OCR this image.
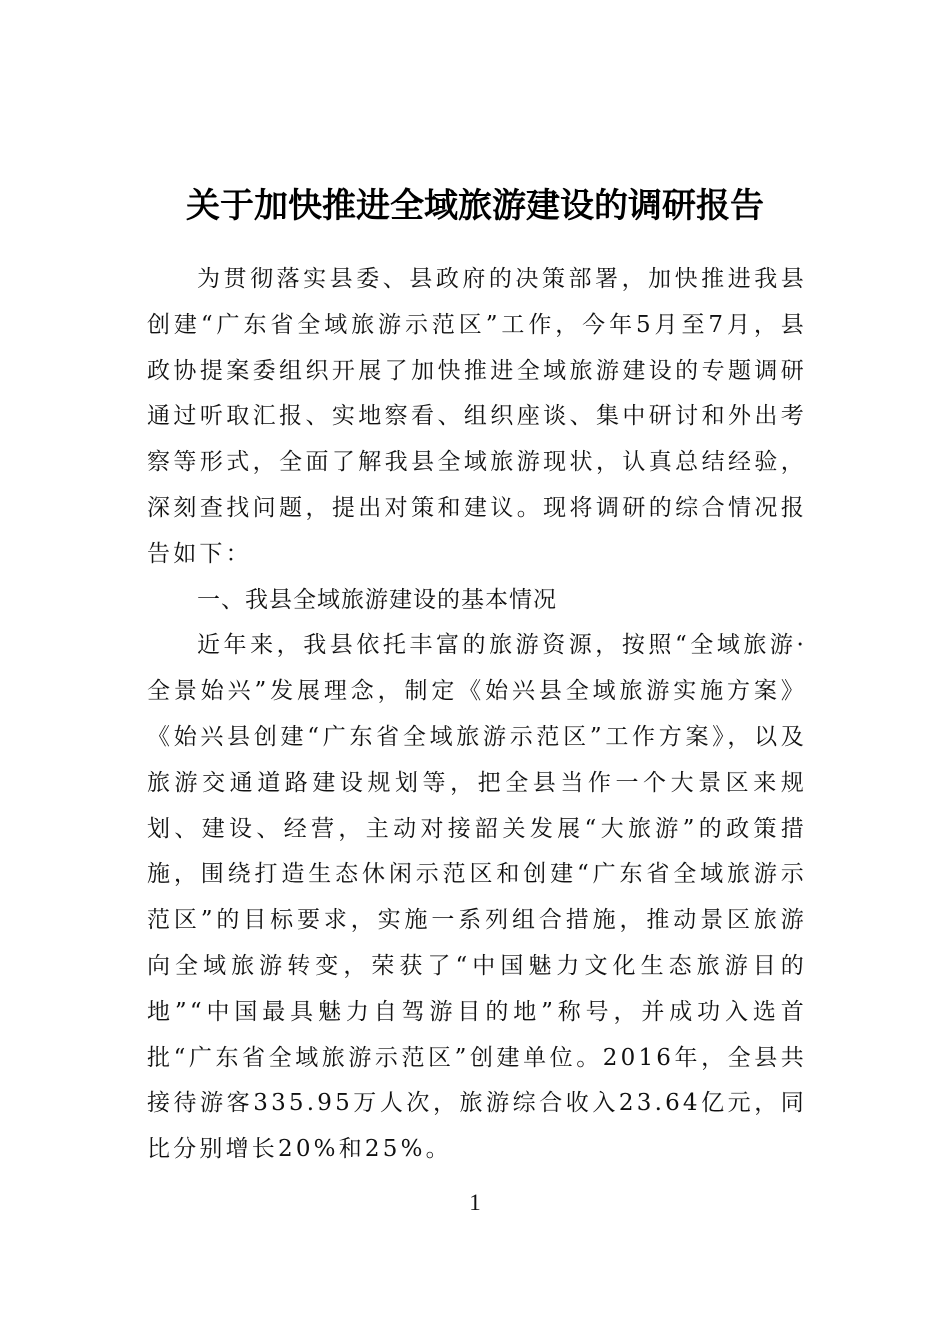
关于加快推进全域旅游建设的调研报告

为贯彻落实县委、县政府的决策部署，加快推进我县创建“广东省全域旅游示范区”工作，今年5月至7月，县政协提案委组织开展了加快推进全域旅游建设的专题调研通过听取汇报、实地察看、组织座谈、集中研讨和外出考察等形式，全面了解我县全域旅游现状，认真总结经验，深刻查找问题，提出对策和建议。现将调研的综合情况报告如下：

一、我县全域旅游建设的基本情况

近年来，我县依托丰富的旅游资源，按照“全域旅游·全景始兴”发展理念，制定《始兴县全域旅游实施方案》《始兴县创建“广东省全域旅游示范区”工作方案》，以及旅游交通道路建设规划等，把全县当作一个大景区来规划、建设、经营，主动对接韶关发展“大旅游”的政策措施，围绕打造生态休闲示范区和创建“广东省全域旅游示范区”的目标要求，实施一系列组合措施，推动景区旅游向全域旅游转变，荣获了“中国魅力文化生态旅游目的地”“中国最具魅力自驾游目的地”称号，并成功入选首批“广东省全域旅游示范区”创建单位。2016年，全县共接待游客335.95万人次，旅游综合收入23.64亿元，同比分别增长20%和25%。

1
